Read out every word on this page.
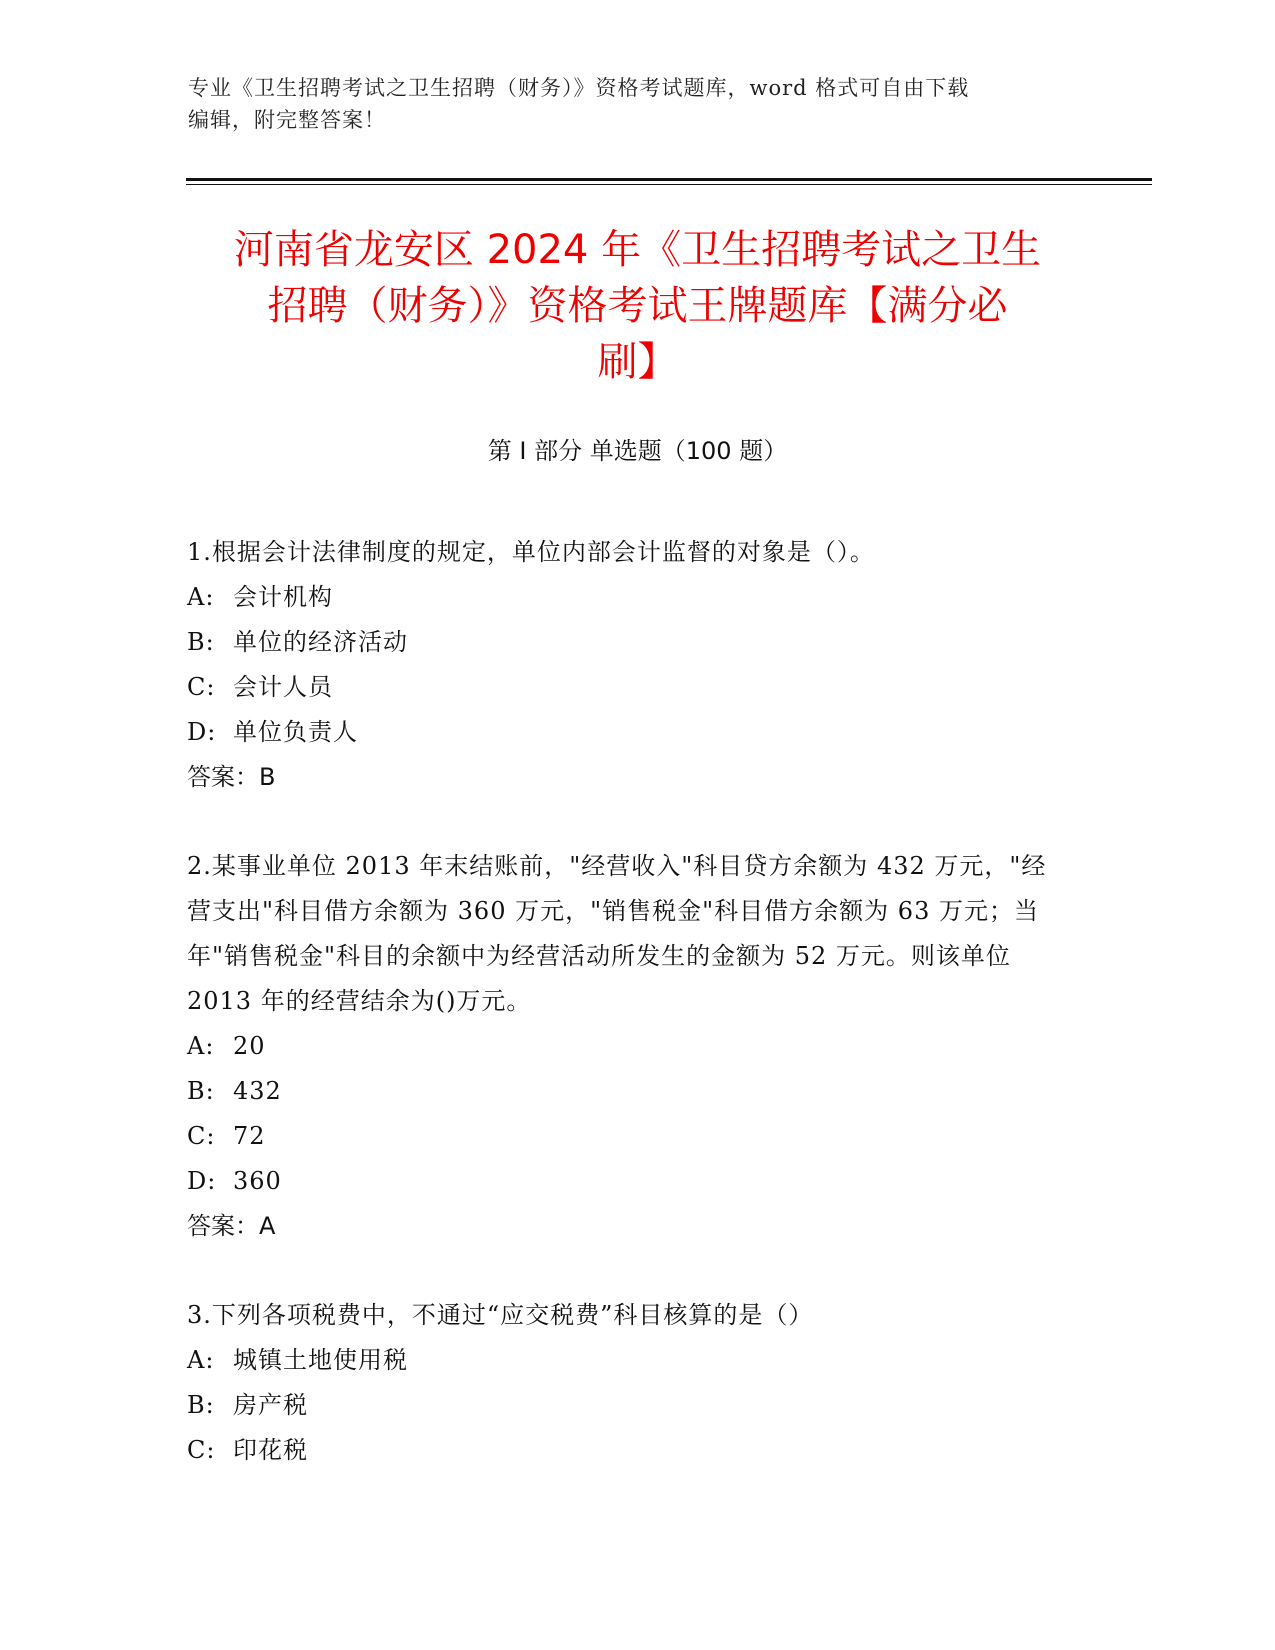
专业《卫生招聘考试之卫生招聘（财务）》资格考试题库，word 格式可自由下载
编辑，附完整答案！
河南省龙安区 2024 年《卫生招聘考试之卫生
招聘（财务）》资格考试王牌题库【满分必
刷】
第 I 部分 单选题（100 题）
1.根据会计法律制度的规定，单位内部会计监督的对象是（）。
A: 会计机构
B: 单位的经济活动
C: 会计人员
D: 单位负责人
答案：B
2.某事业单位 2013 年末结账前，"经营收入"科目贷方余额为 432 万元，"经营支出"科目借方余额为 360 万元，"销售税金"科目借方余额为 63 万元；当年"销售税金"科目的余额中为经营活动所发生的金额为 52 万元。则该单位 2013 年的经营结余为()万元。
A: 20
B: 432
C: 72
D: 360
答案：A
3.下列各项税费中，不通过“应交税费”科目核算的是（）
A: 城镇土地使用税
B: 房产税
C: 印花税
